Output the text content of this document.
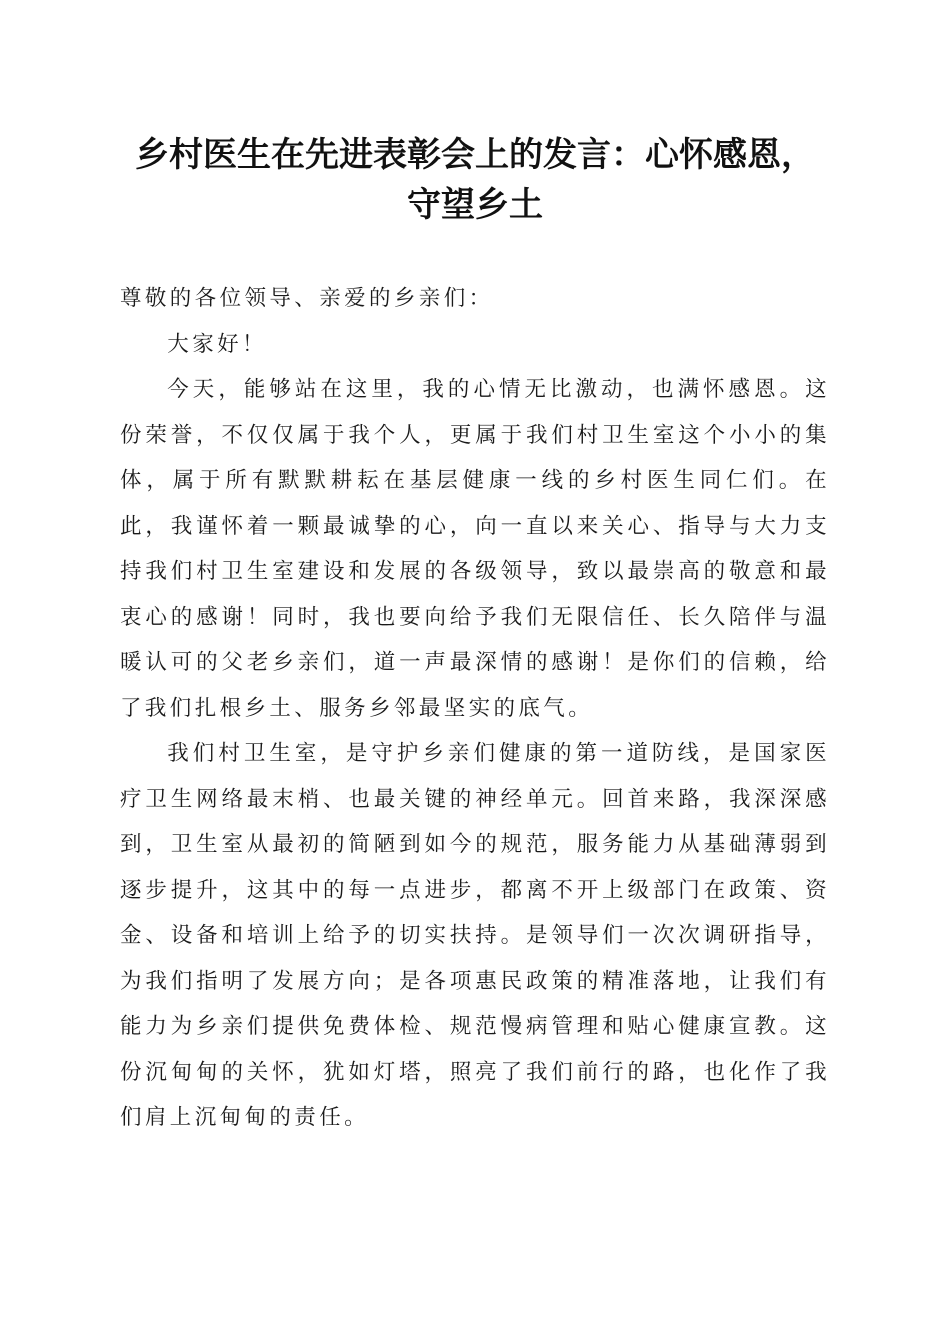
乡村医生在先进表彰会上的发言：心怀感恩，
守望乡土

尊敬的各位领导、亲爱的乡亲们：

大家好！

今天，能够站在这里，我的心情无比激动，也满怀感恩。这份荣誉，不仅仅属于我个人，更属于我们村卫生室这个小小的集体，属于所有默默耕耘在基层健康一线的乡村医生同仁们。在此，我谨怀着一颗最诚挚的心，向一直以来关心、指导与大力支持我们村卫生室建设和发展的各级领导，致以最崇高的敬意和最衷心的感谢！同时，我也要向给予我们无限信任、长久陪伴与温暖认可的父老乡亲们，道一声最深情的感谢！是你们的信赖，给了我们扎根乡土、服务乡邻最坚实的底气。

我们村卫生室，是守护乡亲们健康的第一道防线，是国家医疗卫生网络最末梢、也最关键的神经单元。回首来路，我深深感到，卫生室从最初的简陋到如今的规范，服务能力从基础薄弱到逐步提升，这其中的每一点进步，都离不开上级部门在政策、资金、设备和培训上给予的切实扶持。是领导们一次次调研指导，为我们指明了发展方向；是各项惠民政策的精准落地，让我们有能力为乡亲们提供免费体检、规范慢病管理和贴心健康宣教。这份沉甸甸的关怀，犹如灯塔，照亮了我们前行的路，也化作了我们肩上沉甸甸的责任。
